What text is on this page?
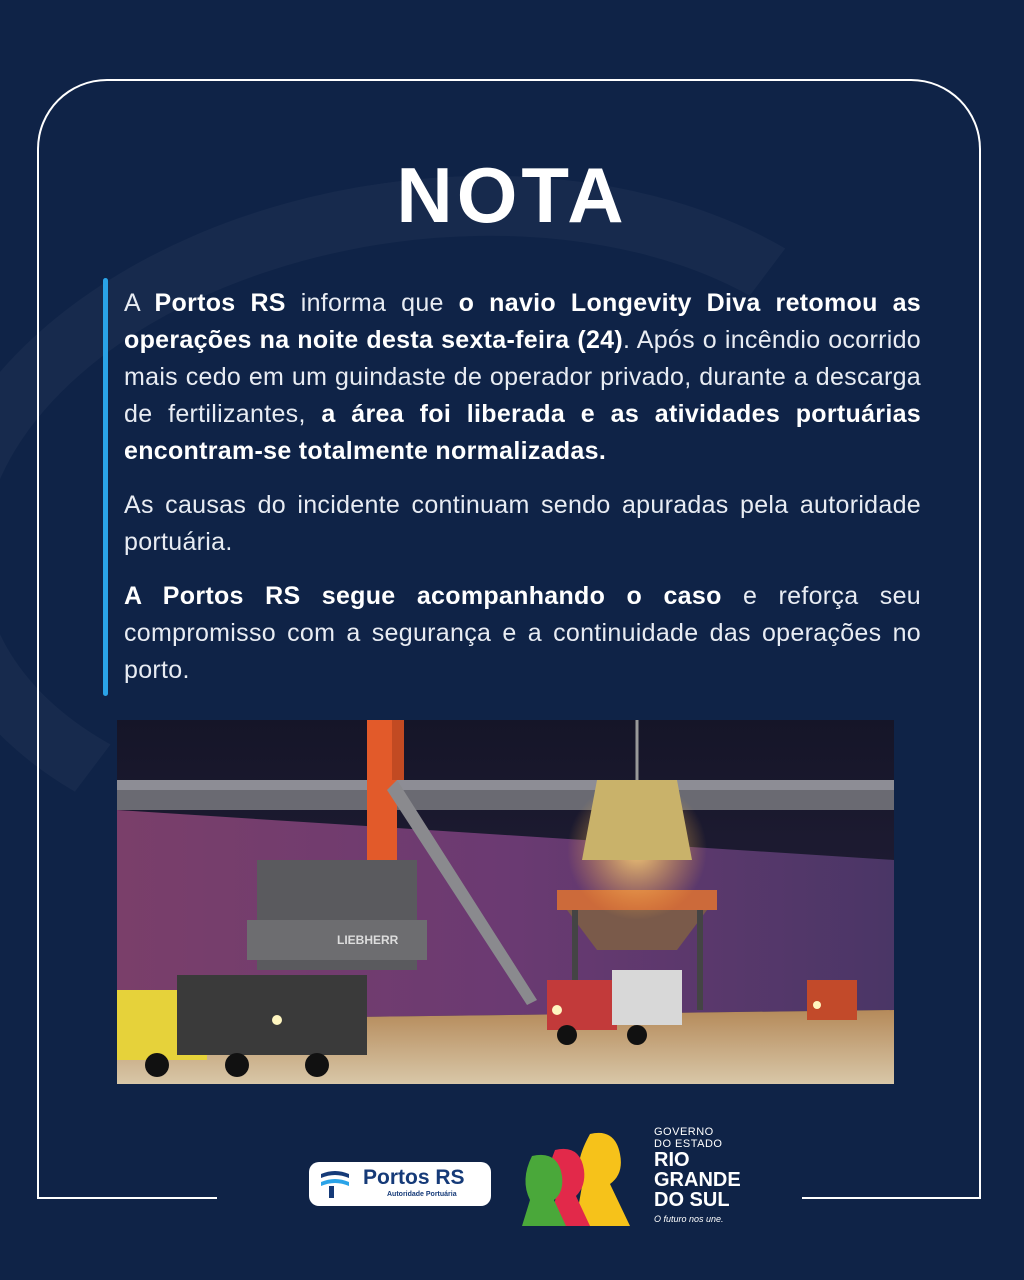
NOTA

A Portos RS informa que o navio Longevity Diva retomou as operações na noite desta sexta-feira (24). Após o incêndio ocorrido mais cedo em um guindaste de operador privado, durante a descarga de fertilizantes, a área foi liberada e as atividades portuárias encontram-se totalmente normalizadas.

As causas do incidente continuam sendo apuradas pela autoridade portuária.

A Portos RS segue acompanhando o caso e reforça seu compromisso com a segurança e a continuidade das operações no porto.

LIEBHERR
Portos RS
Autoridade Portuária
GOVERNO
DO ESTADO
RIO
GRANDE
DO SUL
O futuro nos une.
